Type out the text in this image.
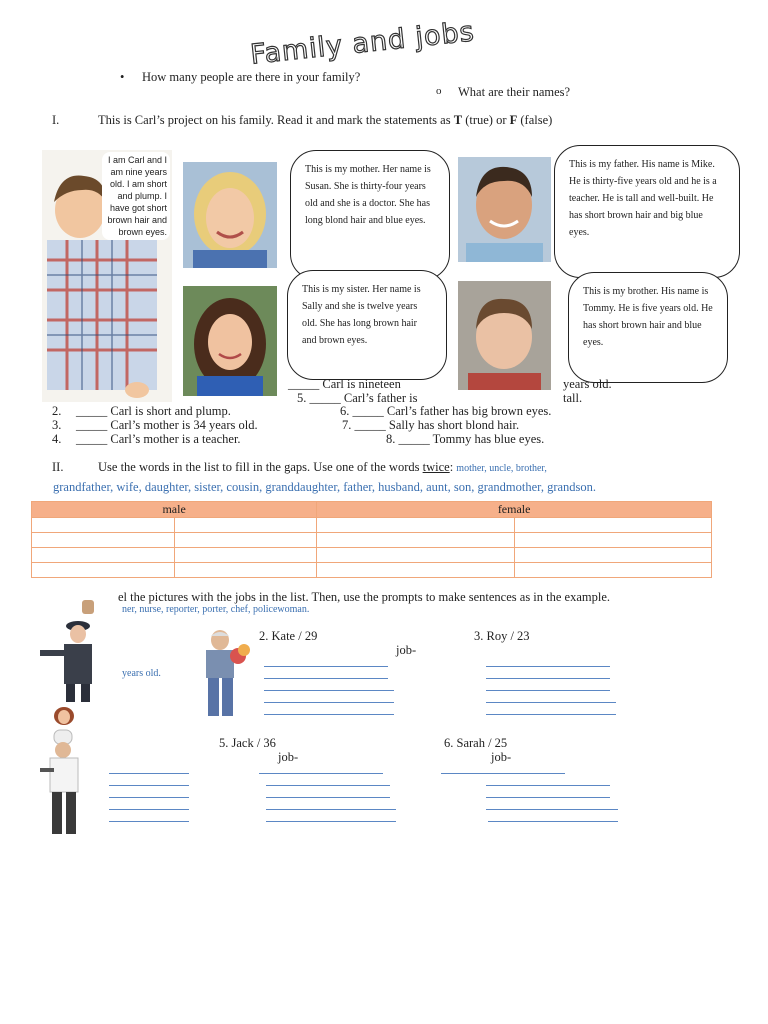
Family and jobs
• How many people are there in your family?
o What are their names?
I.	This is Carl’s project on his family. Read it and mark the statements as T (true) or F (false)
I am Carl and I am nine years old. I am short and plump. I have got short brown hair and brown eyes.
This is my mother. Her name is Susan. She is thirty-four years old and she is a doctor. She has long blond hair and blue eyes.
This is my father. His name is Mike. He is thirty-five years old and he is a teacher. He is tall and well-built. He has short brown hair and big blue eyes.
This is my sister. Her name is Sally and she is twelve years old. She has long brown hair and brown eyes.
This is my brother. His name is Tommy. He is five years old. He has short brown hair and blue eyes.
_____ Carl is nineteen
5. _____ Carl’s father is
years old.
tall.
2. _____ Carl is short and plump.	6. _____ Carl’s father has big brown eyes.
3. _____ Carl’s mother is 34 years old.	7. _____ Sally has short blond hair.
4. _____ Carl’s mother is a teacher.	8. _____ Tommy has blue eyes.
II.	Use the words in the list to fill in the gaps. Use one of the words twice: mother, uncle, brother,
grandfather, wife, daughter, sister, cousin, granddaughter, father, husband, aunt, son, grandmother, grandson.
male		female	

el the pictures with the jobs in the list. Then, use the prompts to make sentences as in the example.
ner, nurse, reporter, porter, chef, policewoman.
years old.
2. Kate / 29	3. Roy / 23
job-
5. Jack / 36	6. Sarah / 25
job-	job-
